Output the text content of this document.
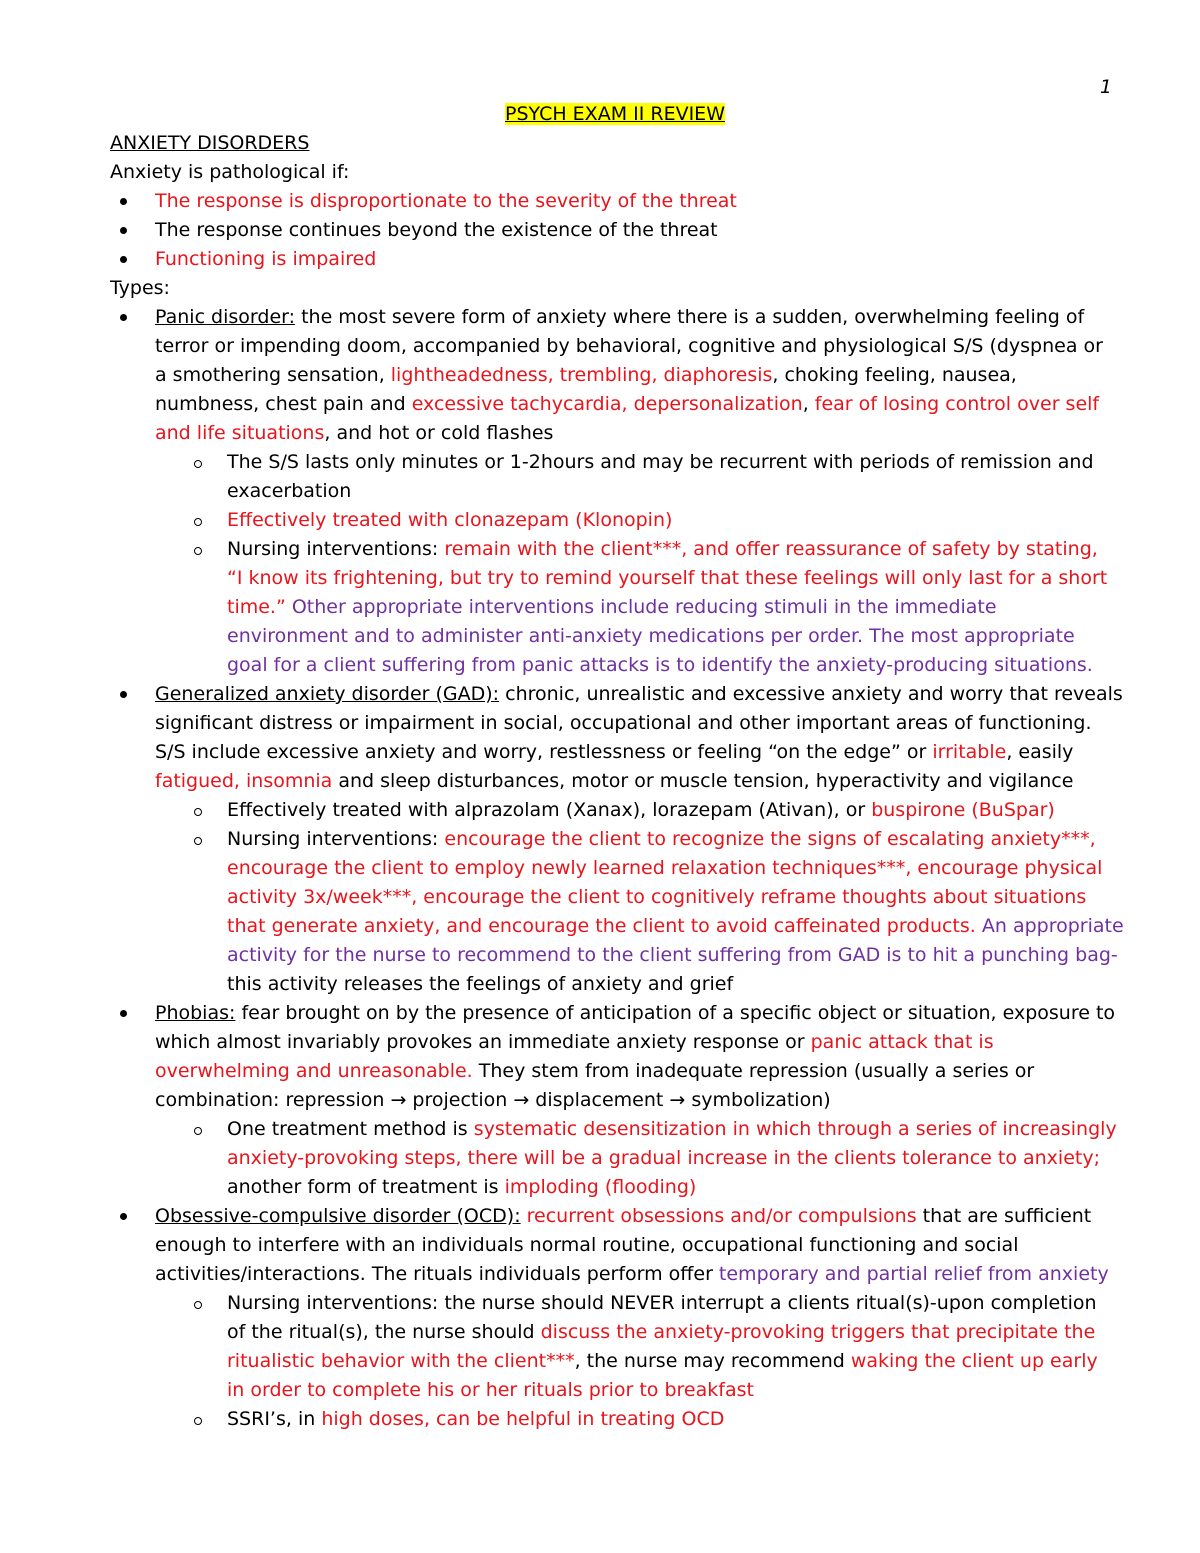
1
PSYCH EXAM II REVIEW
ANXIETY DISORDERS
Anxiety is pathological if:
The response is disproportionate to the severity of the threat
The response continues beyond the existence of the threat
Functioning is impaired
Types:
Panic disorder: the most severe form of anxiety where there is a sudden, overwhelming feeling of
terror or impending doom, accompanied by behavioral, cognitive and physiological S/S (dyspnea or
a smothering sensation, lightheadedness, trembling, diaphoresis, choking feeling, nausea,
numbness, chest pain and excessive tachycardia, depersonalization, fear of losing control over self
and life situations, and hot or cold flashes
The S/S lasts only minutes or 1-2hours and may be recurrent with periods of remission and
exacerbation
Effectively treated with clonazepam (Klonopin)
Nursing interventions: remain with the client***, and offer reassurance of safety by stating,
“I know its frightening, but try to remind yourself that these feelings will only last for a short
time.” Other appropriate interventions include reducing stimuli in the immediate
environment and to administer anti-anxiety medications per order. The most appropriate
goal for a client suffering from panic attacks is to identify the anxiety-producing situations.
Generalized anxiety disorder (GAD): chronic, unrealistic and excessive anxiety and worry that reveals
significant distress or impairment in social, occupational and other important areas of functioning.
S/S include excessive anxiety and worry, restlessness or feeling “on the edge” or irritable, easily
fatigued, insomnia and sleep disturbances, motor or muscle tension, hyperactivity and vigilance
Effectively treated with alprazolam (Xanax), lorazepam (Ativan), or buspirone (BuSpar)
Nursing interventions: encourage the client to recognize the signs of escalating anxiety***,
encourage the client to employ newly learned relaxation techniques***, encourage physical
activity 3x/week***, encourage the client to cognitively reframe thoughts about situations
that generate anxiety, and encourage the client to avoid caffeinated products. An appropriate
activity for the nurse to recommend to the client suffering from GAD is to hit a punching bag-
this activity releases the feelings of anxiety and grief
Phobias: fear brought on by the presence of anticipation of a specific object or situation, exposure to
which almost invariably provokes an immediate anxiety response or panic attack that is
overwhelming and unreasonable. They stem from inadequate repression (usually a series or
combination: repression → projection → displacement → symbolization)
One treatment method is systematic desensitization in which through a series of increasingly
anxiety-provoking steps, there will be a gradual increase in the clients tolerance to anxiety;
another form of treatment is imploding (flooding)
Obsessive-compulsive disorder (OCD): recurrent obsessions and/or compulsions that are sufficient
enough to interfere with an individuals normal routine, occupational functioning and social
activities/interactions. The rituals individuals perform offer temporary and partial relief from anxiety
Nursing interventions: the nurse should NEVER interrupt a clients ritual(s)-upon completion
of the ritual(s), the nurse should discuss the anxiety-provoking triggers that precipitate the
ritualistic behavior with the client***, the nurse may recommend waking the client up early
in order to complete his or her rituals prior to breakfast
SSRI’s, in high doses, can be helpful in treating OCD
